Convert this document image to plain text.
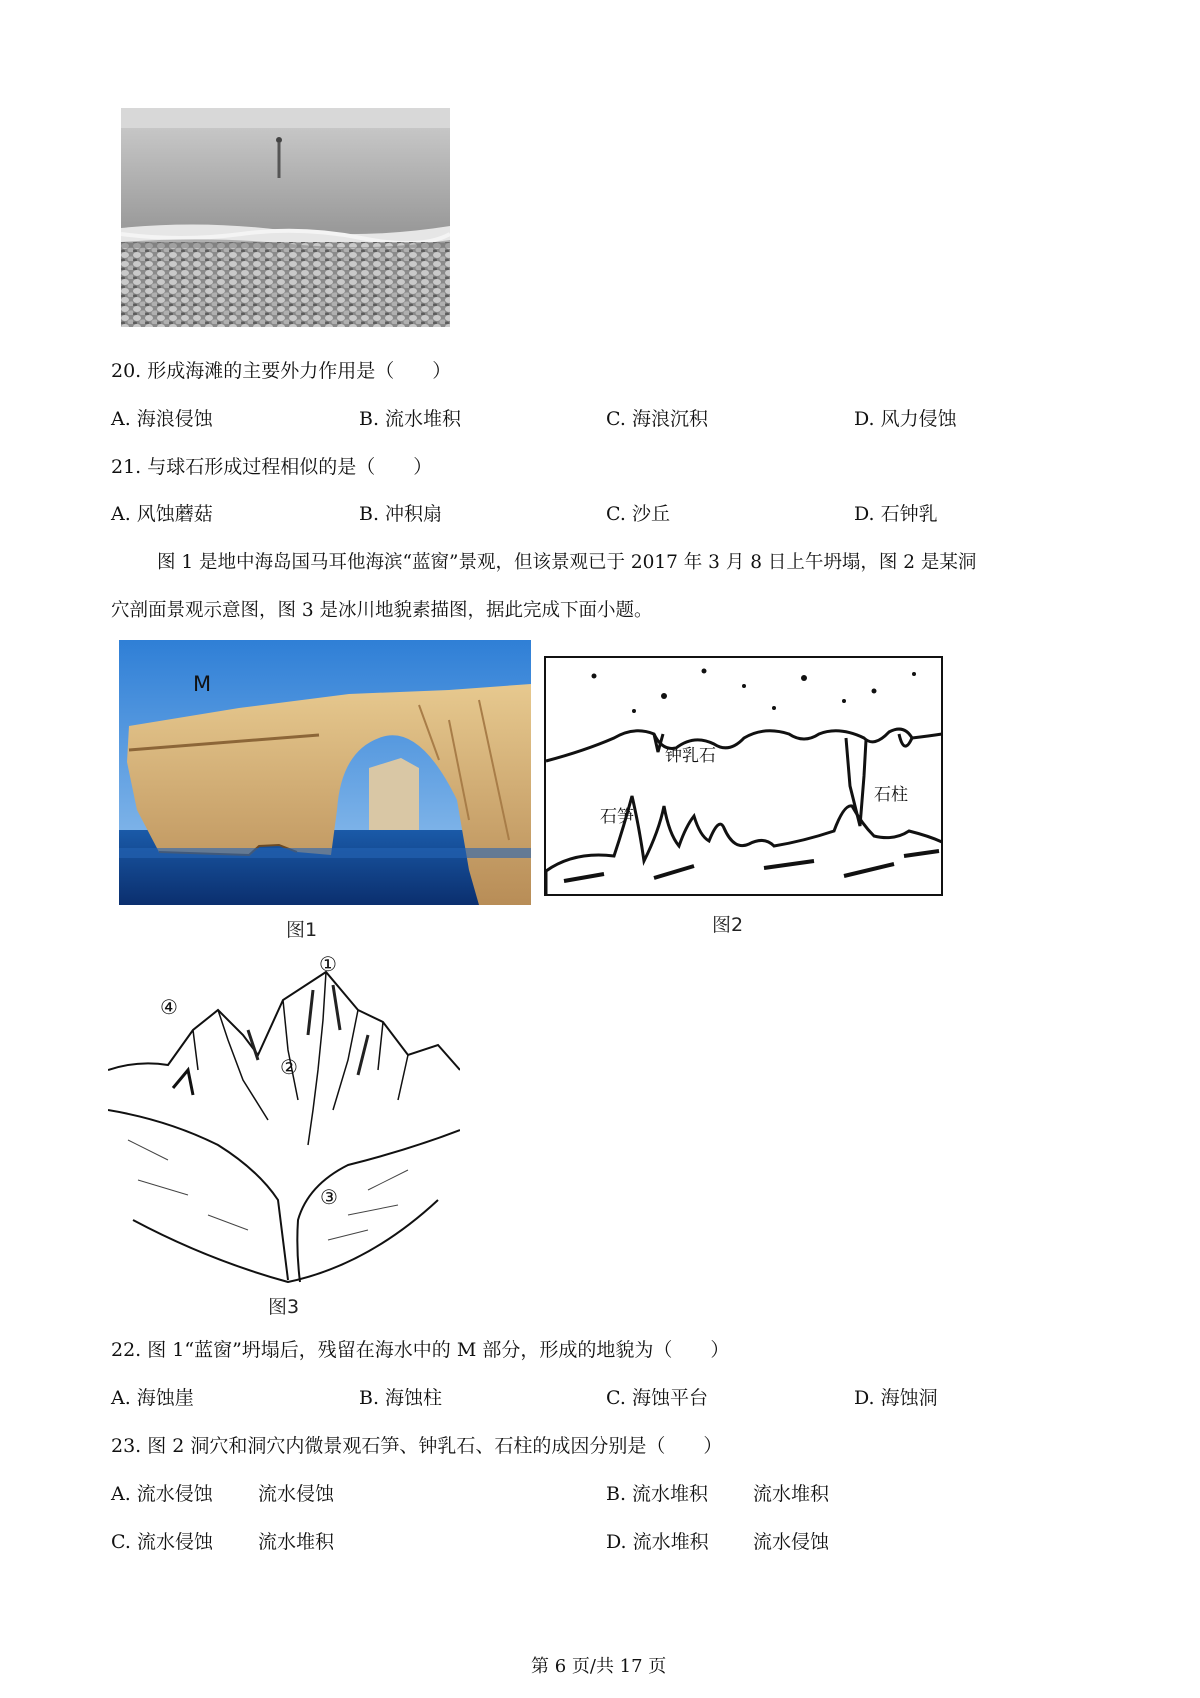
20. 形成海滩的主要外力作用是（　　）
A. 海浪侵蚀	B. 流水堆积	C. 海浪沉积	D. 风力侵蚀
21. 与球石形成过程相似的是（　　）
A. 风蚀蘑菇	B. 冲积扇	C. 沙丘	D. 石钟乳
图 1 是地中海岛国马耳他海滨“蓝窗”景观，但该景观已于 2017 年 3 月 8 日上午坍塌，图 2 是某洞
穴剖面景观示意图，图 3 是冰川地貌素描图，据此完成下面小题。
M
图1
钟乳石
石柱
石笋
图2
①
②
③
④
图3
22. 图 1“蓝窗”坍塌后，残留在海水中的 M 部分，形成的地貌为（　　）
A. 海蚀崖	B. 海蚀柱	C. 海蚀平台	D. 海蚀洞
23. 图 2 洞穴和洞穴内微景观石笋、钟乳石、石柱的成因分别是（　　）
A. 流水侵蚀 流水侵蚀	B. 流水堆积 流水堆积
C. 流水侵蚀 流水堆积	D. 流水堆积 流水侵蚀
第 6 页/共 17 页
